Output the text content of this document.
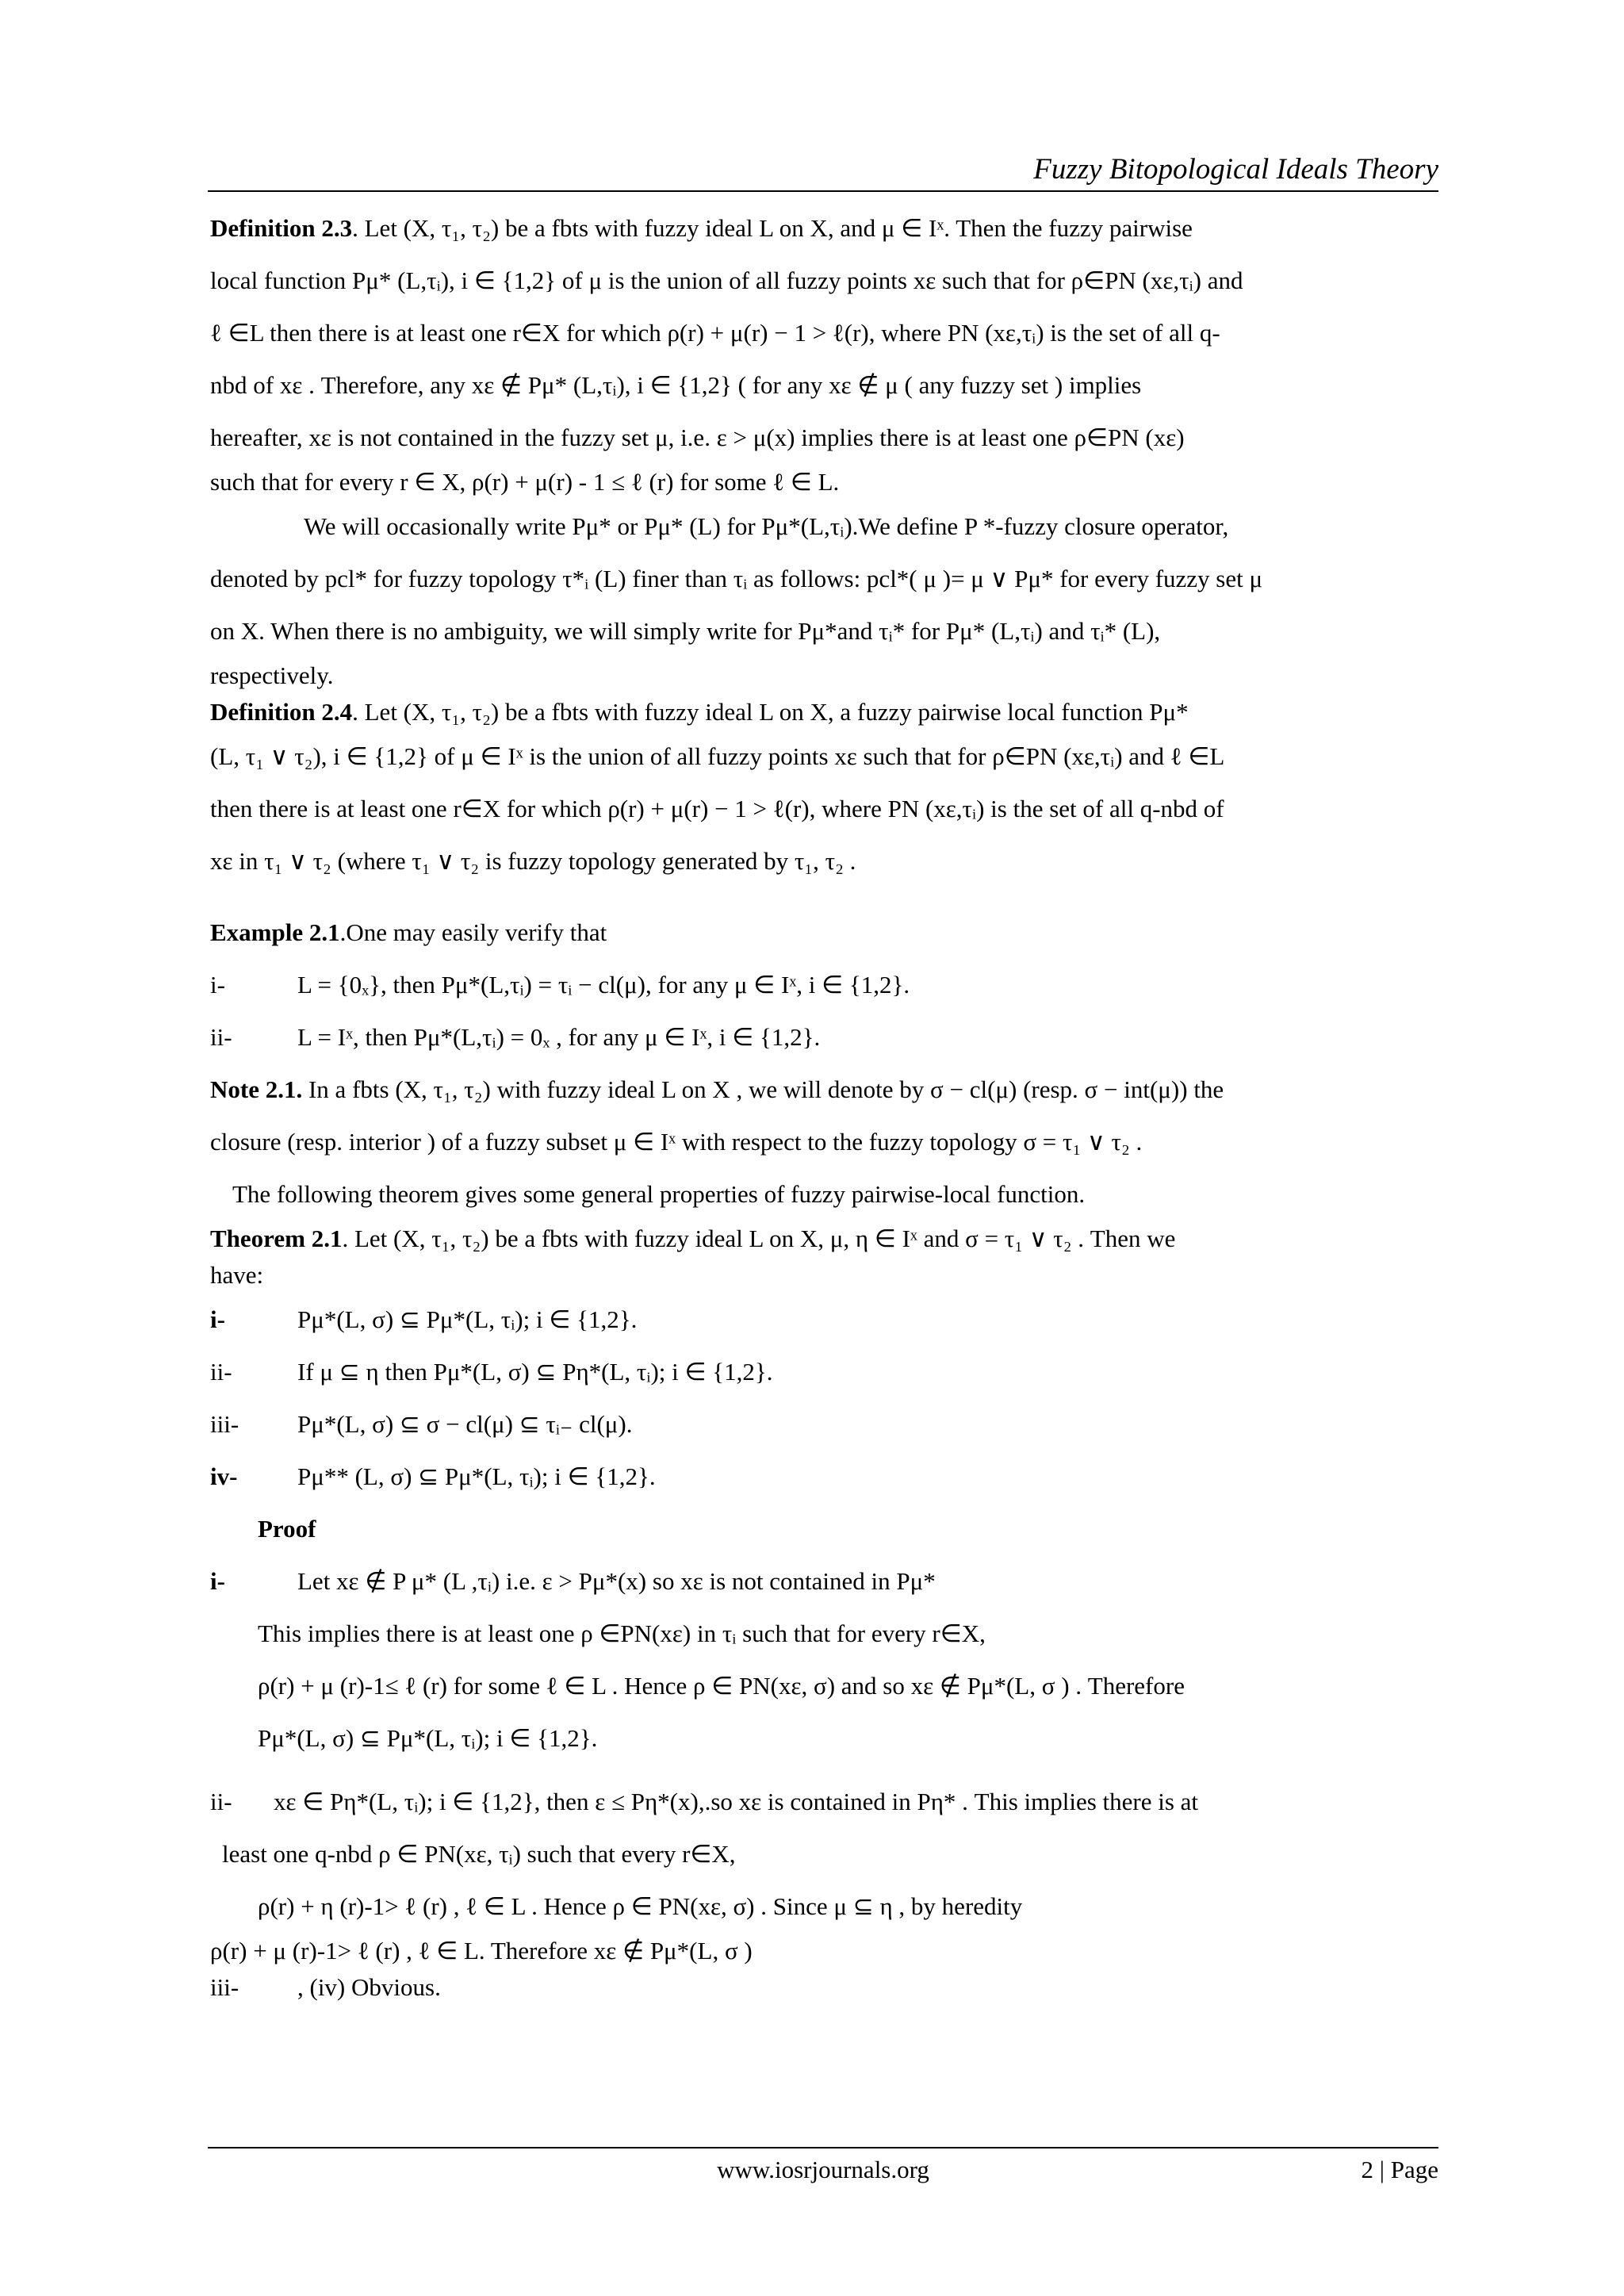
Fuzzy Bitopological Ideals Theory

Definition 2.3. Let (X, τ₁, τ₂) be a fbts with fuzzy ideal L on X, and μ ∈ Iˣ. Then the fuzzy pairwise

local function Pμ* (L,τᵢ), i ∈ {1,2} of μ is the union of all fuzzy points xε such that for ρ∈PN (xε,τᵢ) and

ℓ ∈L then there is at least one r∈X for which ρ(r) + μ(r) − 1 > ℓ(r), where PN (xε,τᵢ) is the set of all q-

nbd of xε . Therefore, any xε ∉ Pμ* (L,τᵢ), i ∈ {1,2} ( for any xε ∉ μ ( any fuzzy set ) implies

hereafter, xε is not contained in the fuzzy set μ, i.e. ε > μ(x) implies there is at least one ρ∈PN (xε)

such that for every r ∈ X, ρ(r) + μ(r) - 1 ≤ ℓ (r) for some ℓ ∈ L.

We will occasionally write Pμ* or Pμ* (L) for Pμ*(L,τᵢ).We define P *-fuzzy closure operator,

denoted by pcl* for fuzzy topology τ*ᵢ (L) finer than τᵢ as follows: pcl*( μ )= μ ∨ Pμ* for every fuzzy set μ

on X. When there is no ambiguity, we will simply write for Pμ*and τᵢ* for Pμ* (L,τᵢ) and τᵢ* (L),

respectively.

Definition 2.4. Let (X, τ₁, τ₂) be a fbts with fuzzy ideal L on X, a fuzzy pairwise local function Pμ*

(L, τ₁ ∨ τ₂), i ∈ {1,2} of μ ∈ Iˣ is the union of all fuzzy points xε such that for ρ∈PN (xε,τᵢ) and ℓ ∈L

then there is at least one r∈X for which ρ(r) + μ(r) − 1 > ℓ(r), where PN (xε,τᵢ) is the set of all q-nbd of

xε in τ₁ ∨ τ₂ (where τ₁ ∨ τ₂ is fuzzy topology generated by τ₁, τ₂ .

Example 2.1.One may easily verify that

i-	L = {0ₓ}, then Pμ*(L,τᵢ) = τᵢ − cl(μ), for any μ ∈ Iˣ, i ∈ {1,2}.
ii-	L = Iˣ, then Pμ*(L,τᵢ) = 0ₓ , for any μ ∈ Iˣ, i ∈ {1,2}.

Note 2.1. In a fbts (X, τ₁, τ₂) with fuzzy ideal L on X , we will denote by σ − cl(μ) (resp. σ − int(μ)) the

closure (resp. interior ) of a fuzzy subset μ ∈ Iˣ with respect to the fuzzy topology σ = τ₁ ∨ τ₂ .

The following theorem gives some general properties of fuzzy pairwise-local function.

Theorem 2.1. Let (X, τ₁, τ₂) be a fbts with fuzzy ideal L on X, μ, η ∈ Iˣ and σ = τ₁ ∨ τ₂ . Then we

have:

i-	Pμ*(L, σ) ⊆ Pμ*(L, τᵢ); i ∈ {1,2}.
ii-	If μ ⊆ η then Pμ*(L, σ) ⊆ Pη*(L, τᵢ); i ∈ {1,2}.
iii-	Pμ*(L, σ) ⊆ σ − cl(μ) ⊆ τᵢ₋ cl(μ).
iv-	Pμ** (L, σ) ⊆ Pμ*(L, τᵢ); i ∈ {1,2}.

Proof

i-	Let xε ∉ P μ* (L ,τᵢ) i.e. ε > Pμ*(x) so xε is not contained in Pμ*

This implies there is at least one ρ ∈PN(xε) in τᵢ such that for every r∈X,

ρ(r) + μ (r)-1≤ ℓ (r) for some ℓ ∈ L . Hence ρ ∈ PN(xε, σ) and so xε ∉ Pμ*(L, σ ) . Therefore

Pμ*(L, σ) ⊆ Pμ*(L, τᵢ); i ∈ {1,2}.

ii-	xε ∈ Pη*(L, τᵢ); i ∈ {1,2}, then ε ≤ Pη*(x),.so xε is contained in Pη* . This implies there is at

least one q-nbd ρ ∈ PN(xε, τᵢ) such that every r∈X,

ρ(r) + η (r)-1> ℓ (r) , ℓ ∈ L . Hence ρ ∈ PN(xε, σ) . Since μ ⊆ η , by heredity

ρ(r) + μ (r)-1> ℓ (r) , ℓ ∈ L. Therefore xε ∉ Pμ*(L, σ )

iii-	, (iv) Obvious.
www.iosrjournals.org	2 | Page
